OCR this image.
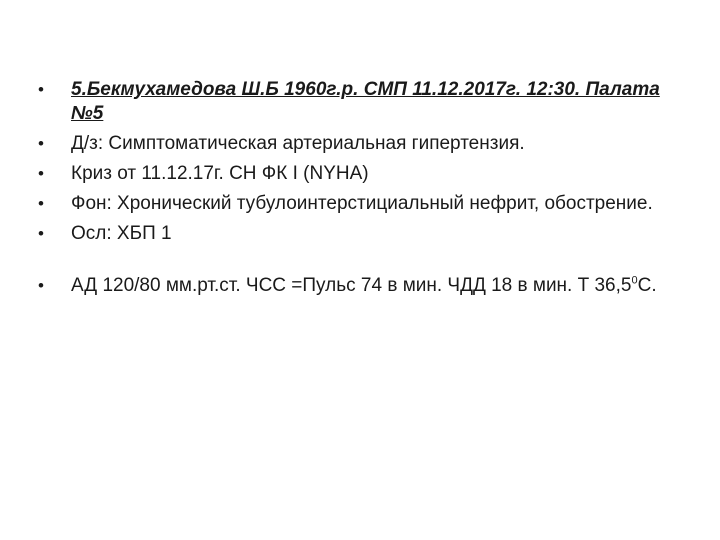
• 5.Бекмухамедова Ш.Б 1960г.р. СМП 11.12.2017г. 12:30. Палата №5
• Д/з: Симптоматическая артериальная гипертензия.
• Криз от 11.12.17г. СН ФК I (NYHA)
• Фон: Хронический тубулоинтерстициальный нефрит, обострение.
• Осл: ХБП 1
• АД 120/80 мм.рт.ст. ЧСС =Пульс 74 в мин. ЧДД 18 в мин. Т 36,5$^0$С.
